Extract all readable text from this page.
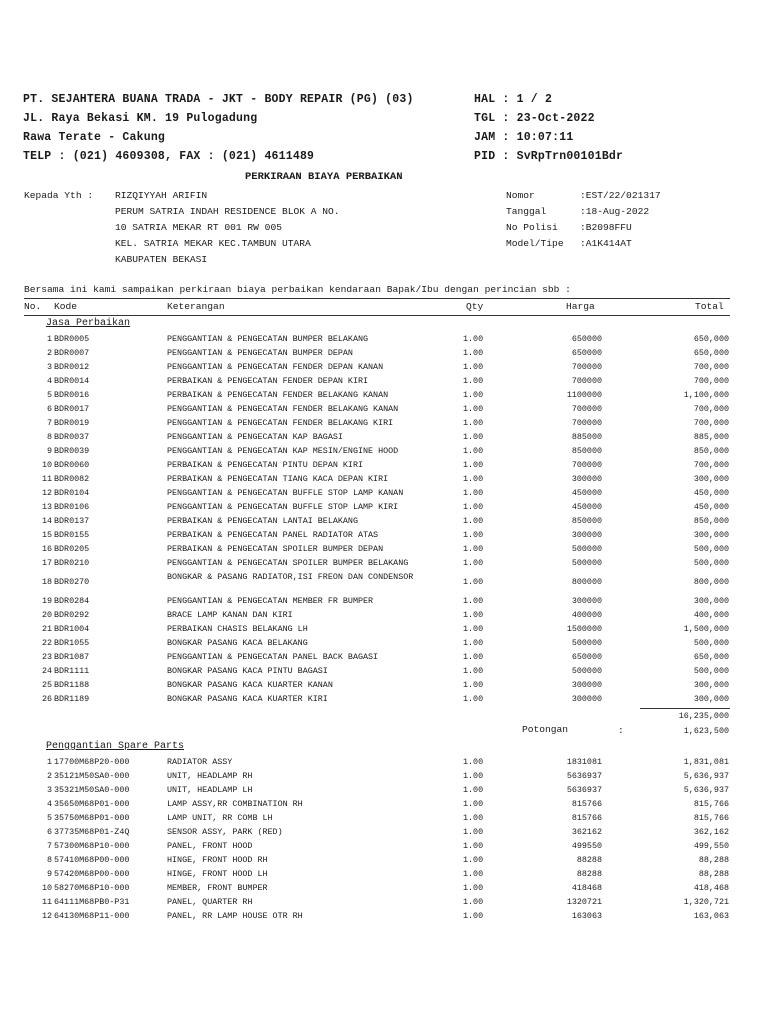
PT. SEJAHTERA BUANA TRADA - JKT - BODY REPAIR (PG) (03)
JL. Raya Bekasi KM. 19 Pulogadung
Rawa Terate - Cakung
TELP : (021) 4609308, FAX : (021) 4611489
HAL : 1 / 2
TGL : 23-Oct-2022
JAM : 10:07:11
PID : SvRpTrn00101Bdr
PERKIRAAN BIAYA PERBAIKAN
Kepada Yth : RIZQIYYAH ARIFIN
PERUM SATRIA INDAH RESIDENCE BLOK A NO.
10 SATRIA MEKAR RT 001 RW 005
KEL. SATRIA MEKAR KEC.TAMBUN UTARA
KABUPATEN BEKASI
Nomor	:EST/22/021317
Tanggal	:18-Aug-2022
No Polisi :B2098FFU
Model/Tipe :A1K414AT
Bersama ini kami sampaikan perkiraan biaya perbaikan kendaraan Bapak/Ibu dengan perincian sbb :
No. Kode	Keterangan	Qty	Harga	Total
Jasa Perbaikan
1 BDR0005	PENGGANTIAN & PENGECATAN BUMPER BELAKANG	1.00	650000	650,000
2 BDR0007	PENGGANTIAN & PENGECATAN BUMPER DEPAN	1.00	650000	650,000
3 BDR0012	PENGGANTIAN & PENGECATAN FENDER DEPAN KANAN	1.00	700000	700,000
4 BDR0014	PERBAIKAN & PENGECATAN FENDER DEPAN KIRI	1.00	700000	700,000
5 BDR0016	PERBAIKAN & PENGECATAN FENDER BELAKANG KANAN	1.00	1100000	1,100,000
6 BDR0017	PENGGANTIAN & PENGECATAN FENDER BELAKANG KANAN	1.00	700000	700,000
7 BDR0019	PENGGANTIAN & PENGECATAN FENDER BELAKANG KIRI	1.00	700000	700,000
8 BDR0037	PENGGANTIAN & PENGECATAN KAP BAGASI	1.00	885000	885,000
9 BDR0039	PENGGANTIAN & PENGECATAN KAP MESIN/ENGINE HOOD	1.00	850000	850,000
10 BDR0060	PERBAIKAN & PENGECATAN PINTU DEPAN KIRI	1.00	700000	700,000
11 BDR0082	PERBAIKAN & PENGECATAN TIANG KACA DEPAN KIRI	1.00	300000	300,000
12 BDR0104	PENGGANTIAN & PENGECATAN BUFFLE STOP LAMP KANAN	1.00	450000	450,000
13 BDR0106	PENGGANTIAN & PENGECATAN BUFFLE STOP LAMP KIRI	1.00	450000	450,000
14 BDR0137	PERBAIKAN & PENGECATAN LANTAI BELAKANG	1.00	850000	850,000
15 BDR0155	PERBAIKAN & PENGECATAN PANEL RADIATOR ATAS	1.00	300000	300,000
16 BDR0205	PERBAIKAN & PENGECATAN SPOILER BUMPER DEPAN	1.00	500000	500,000
17 BDR0210	PENGGANTIAN & PENGECATAN SPOILER BUMPER BELAKANG	1.00	500000	500,000
18 BDR0270	BONGKAR & PASANG RADIATOR,ISI FREON DAN CONDENSOR	1.00	800000	800,000
19 BDR0284	PENGGANTIAN & PENGECATAN MEMBER FR BUMPER	1.00	300000	300,000
20 BDR0292	BRACE LAMP KANAN DAN KIRI	1.00	400000	400,000
21 BDR1004	PERBAIKAN CHASIS BELAKANG LH	1.00	1500000	1,500,000
22 BDR1055	BONGKAR PASANG KACA BELAKANG	1.00	500000	500,000
23 BDR1087	PENGGANTIAN & PENGECATAN PANEL BACK BAGASI	1.00	650000	650,000
24 BDR1111	BONGKAR PASANG KACA PINTU BAGASI	1.00	500000	500,000
25 BDR1188	BONGKAR PASANG KACA KUARTER KANAN	1.00	300000	300,000
26 BDR1189	BONGKAR PASANG KACA KUARTER KIRI	1.00	300000	300,000
16,235,000
Potongan	:	1,623,500
Penggantian Spare Parts
1 17700M68P20-000	RADIATOR ASSY	1.00	1831081	1,831,081
2 35121M50SA0-000	UNIT, HEADLAMP RH	1.00	5636937	5,636,937
3 35321M50SA0-000	UNIT, HEADLAMP LH	1.00	5636937	5,636,937
4 35650M68P01-000	LAMP ASSY,RR COMBINATION RH	1.00	815766	815,766
5 35750M68P01-000	LAMP UNIT, RR COMB LH	1.00	815766	815,766
6 37735M68P01-Z4Q	SENSOR ASSY, PARK (RED)	1.00	362162	362,162
7 57300M68P10-000	PANEL, FRONT HOOD	1.00	499550	499,550
8 57410M68P00-000	HINGE, FRONT HOOD RH	1.00	88288	88,288
9 57420M68P00-000	HINGE, FRONT HOOD LH	1.00	88288	88,288
10 58270M68P10-000	MEMBER, FRONT BUMPER	1.00	418468	418,468
11 64111M68PB0-P31	PANEL, QUARTER RH	1.00	1320721	1,320,721
12 64130M68P11-000	PANEL, RR LAMP HOUSE OTR RH	1.00	163063	163,063
